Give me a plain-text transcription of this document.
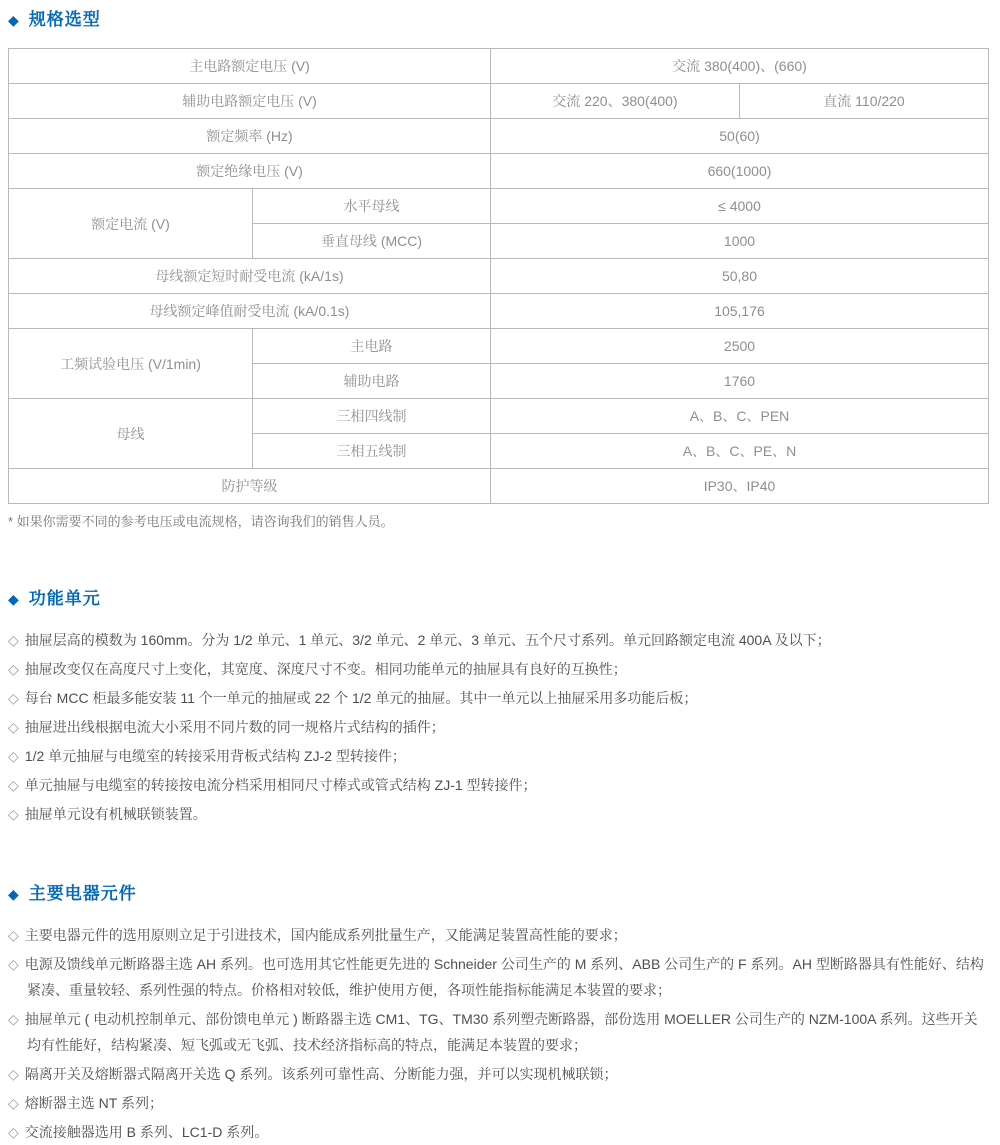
◆ 规格选型
主电路额定电压 (V)		交流 380(400)、(660)	
辅助电路额定电压 (V)		交流 220、380(400)	直流 110/220
额定频率 (Hz)		50(60)	
额定绝缘电压 (V)		660(1000)	
额定电流 (V)	水平母线	≤ 4000	
	垂直母线 (MCC)	1000	
母线额定短时耐受电流 (kA/1s)		50,80	
母线额定峰值耐受电流 (kA/0.1s)		105,176	
工频试验电压 (V/1min)	主电路	2500	
	辅助电路	1760	
母线	三相四线制	A、B、C、PEN	
	三相五线制	A、B、C、PE、N	
防护等级		IP30、IP40	

* 如果你需要不同的参考电压或电流规格，请咨询我们的销售人员。

◆ 功能单元
◇ 抽屉层高的模数为 160mm。分为 1/2 单元、1 单元、3/2 单元、2 单元、3 单元、五个尺寸系列。单元回路额定电流 400A 及以下；
◇ 抽屉改变仅在高度尺寸上变化，其宽度、深度尺寸不变。相同功能单元的抽屉具有良好的互换性；
◇ 每台 MCC 柜最多能安装 11 个一单元的抽屉或 22 个 1/2 单元的抽屉。其中一单元以上抽屉采用多功能后板；
◇ 抽屉进出线根据电流大小采用不同片数的同一规格片式结构的插件；
◇ 1/2 单元抽屉与电缆室的转接采用背板式结构 ZJ-2 型转接件；
◇ 单元抽屉与电缆室的转接按电流分档采用相同尺寸棒式或管式结构 ZJ-1 型转接件；
◇ 抽屉单元设有机械联锁装置。
◆ 主要电器元件
◇ 主要电器元件的选用原则立足于引进技术，国内能成系列批量生产，又能满足装置高性能的要求；
◇ 电源及馈线单元断路器主选 AH 系列。也可选用其它性能更先进的 Schneider 公司生产的 M 系列、ABB 公司生产的 F 系列。AH 型断路器具有性能好、结构紧凑、重量较轻、系列性强的特点。价格相对较低，维护使用方便，各项性能指标能满足本装置的要求；
◇ 抽屉单元 ( 电动机控制单元、部份馈电单元 ) 断路器主选 CM1、TG、TM30 系列塑壳断路器，部份选用 MOELLER 公司生产的 NZM-100A 系列。这些开关均有性能好，结构紧凑、短飞弧或无飞弧、技术经济指标高的特点，能满足本装置的要求；
◇ 隔离开关及熔断器式隔离开关选 Q 系列。该系列可靠性高、分断能力强，并可以实现机械联锁；
◇ 熔断器主选 NT 系列；
◇ 交流接触器选用 B 系列、LC1-D 系列。
